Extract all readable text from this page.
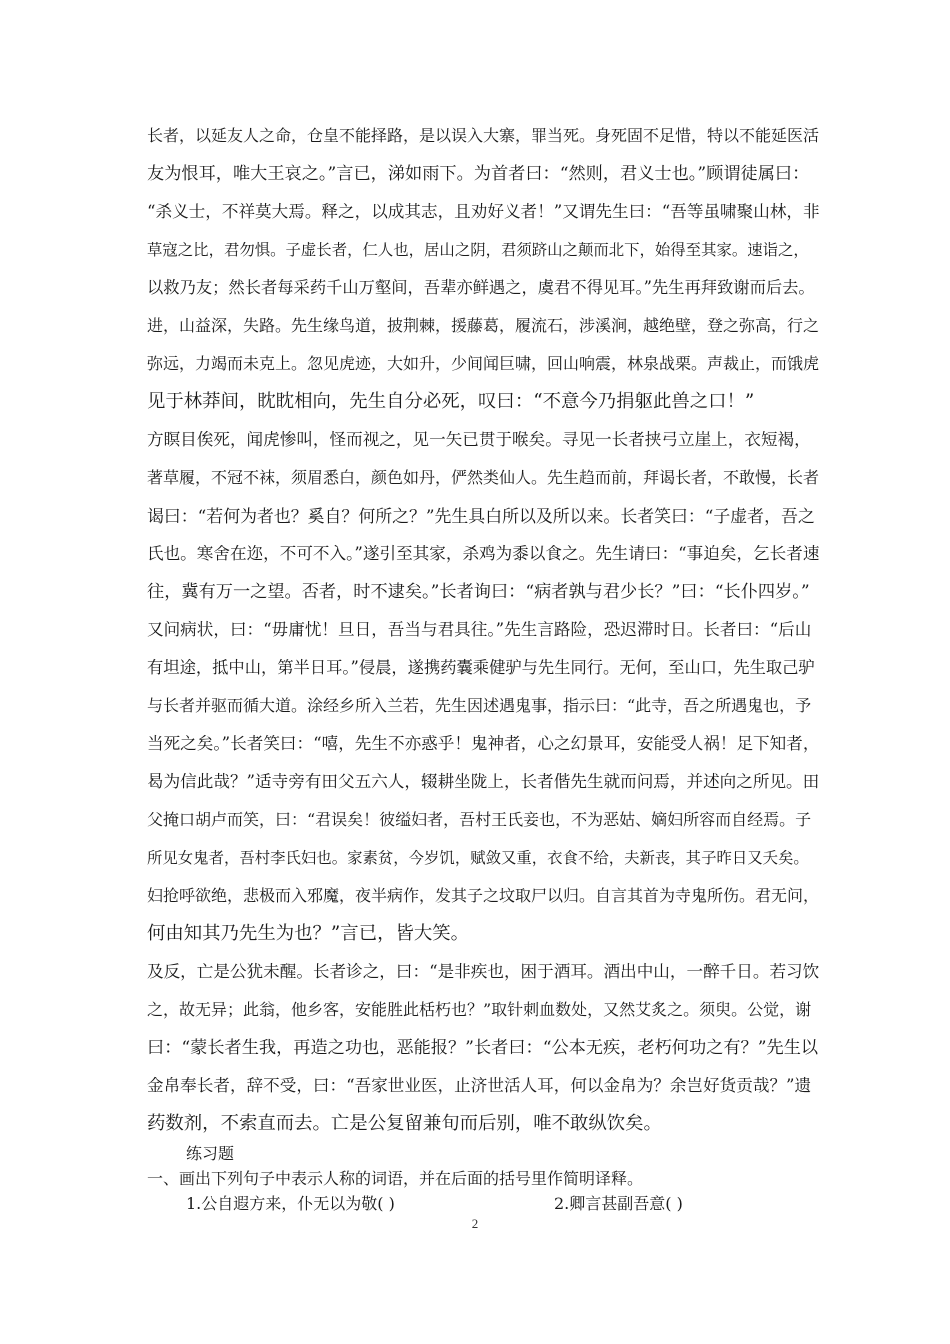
长者，以延友人之命，仓皇不能择路，是以误入大寨，罪当死。身死固不足惜，特以不能延医活
友为恨耳，唯大王哀之。”言已，涕如雨下。为首者曰：“然则，君义士也。”顾谓徒属曰：
“杀义士，不祥莫大焉。释之，以成其志，且劝好义者！”又谓先生曰：“吾等虽啸聚山林，非
草寇之比，君勿惧。子虚长者，仁人也，居山之阴，君须跻山之颠而北下，始得至其家。速诣之，
以救乃友；然长者每采药千山万壑间，吾辈亦鲜遇之，虞君不得见耳。”先生再拜致谢而后去。
进，山益深，失路。先生缘鸟道，披荆棘，援藤葛，履流石，涉溪涧，越绝壁，登之弥高，行之
弥远，力竭而未克上。忽见虎迹，大如升，少间闻巨啸，回山响震，林泉战栗。声裁止，而饿虎
见于林莽间，眈眈相向，先生自分必死，叹曰：“不意今乃捐躯此兽之口！”
方瞑目俟死，闻虎惨叫，怪而视之，见一矢已贯于喉矣。寻见一长者挟弓立崖上，衣短褐，
著草履，不冠不袜，须眉悉白，颜色如丹，俨然类仙人。先生趋而前，拜谒长者，不敢慢，长者
谒曰：“若何为者也？奚自？何所之？”先生具白所以及所以来。长者笑曰：“子虚者，吾之
氏也。寒舍在迩，不可不入。”遂引至其家，杀鸡为黍以食之。先生请曰：“事迫矣，乞长者速
往，冀有万一之望。否者，时不逮矣。”长者询曰：“病者孰与君少长？”曰：“长仆四岁。”
又问病状，曰：“毋庸忧！旦日，吾当与君具往。”先生言路险，恐迟滞时日。长者曰：“后山
有坦途，抵中山，第半日耳。”侵晨，遂携药囊乘健驴与先生同行。无何，至山口，先生取己驴
与长者并驱而循大道。涂经乡所入兰若，先生因述遇鬼事，指示曰：“此寺，吾之所遇鬼也，予
当死之矣。”长者笑曰：“嘻，先生不亦惑乎！鬼神者，心之幻景耳，安能受人祸！足下知者，
曷为信此哉？”适寺旁有田父五六人，辍耕坐陇上，长者偕先生就而问焉，并述向之所见。田
父掩口胡卢而笑，曰：“君误矣！彼缢妇者，吾村王氏妾也，不为恶姑、嫡妇所容而自经焉。子
所见女鬼者，吾村李氏妇也。家素贫，今岁饥，赋敛又重，衣食不给，夫新丧，其子昨日又夭矣。
妇抢呼欲绝，悲极而入邪魔，夜半病作，发其子之坟取尸以归。自言其首为寺鬼所伤。君无问，
何由知其乃先生为也？”言已，皆大笑。
及反，亡是公犹未醒。长者诊之，曰：“是非疾也，困于酒耳。酒出中山，一醉千日。若习饮
之，故无异；此翁，他乡客，安能胜此栝朽也？”取针刺血数处，又然艾炙之。须臾。公觉，谢
曰：“蒙长者生我，再造之功也，恶能报？”长者曰：“公本无疾，老朽何功之有？”先生以
金帛奉长者，辞不受，曰：“吾家世业医，止济世活人耳，何以金帛为？余岂好货贡哉？”遗
药数剂，不索直而去。亡是公复留兼旬而后别，唯不敢纵饮矣。
练习题
一、画出下列句子中表示人称的词语，并在后面的括号里作简明译释。
1.公自遐方来，仆无以为敬( )	2.卿言甚副吾意( )
2
